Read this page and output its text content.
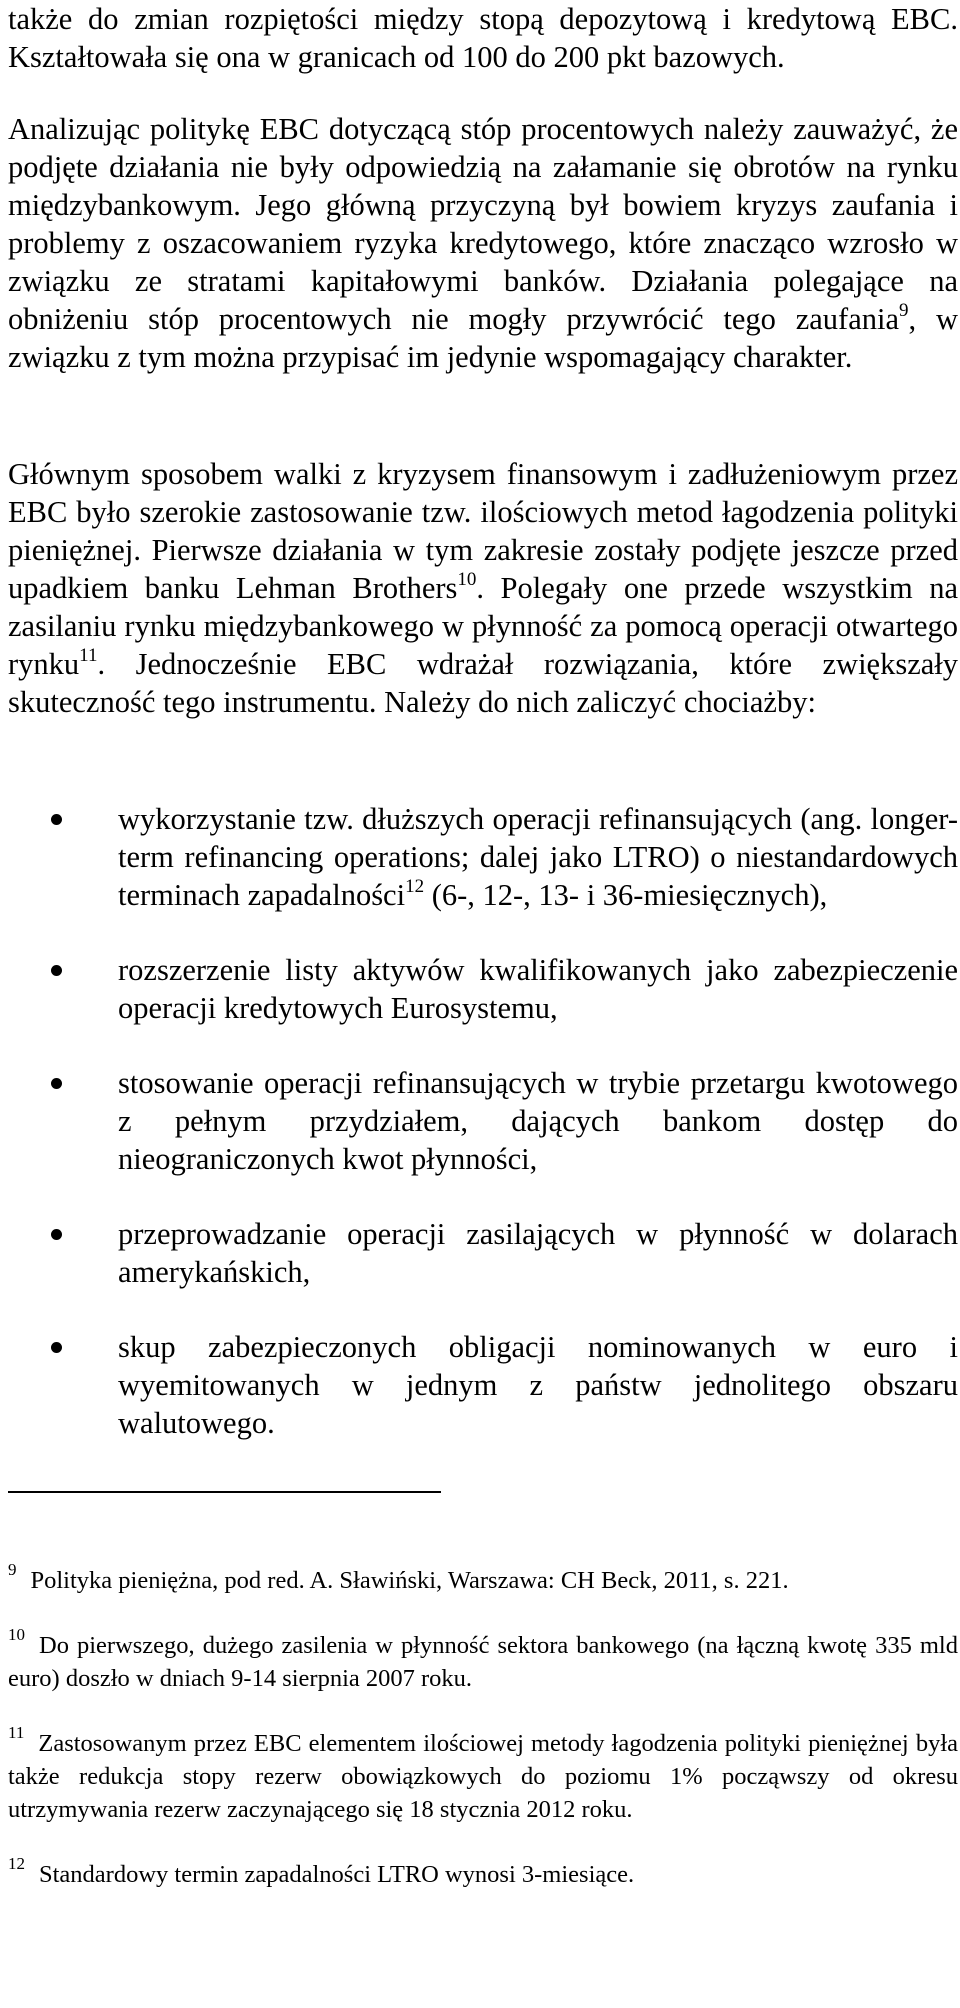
także do zmian rozpiętości między stopą depozytową i kredytową EBC. Kształtowała się ona w granicach od 100 do 200 pkt bazowych.

Analizując politykę EBC dotyczącą stóp procentowych należy zauważyć, że podjęte działania nie były odpowiedzią na załamanie się obrotów na rynku międzybankowym. Jego główną przyczyną był bowiem kryzys zaufania i problemy z oszacowaniem ryzyka kredytowego, które znacząco wzrosło w związku ze stratami kapitałowymi banków. Działania polegające na obniżeniu stóp procentowych nie mogły przywrócić tego zaufania$^9$, w związku z tym można przypisać im jedynie wspomagający charakter.

Głównym sposobem walki z kryzysem finansowym i zadłużeniowym przez EBC było szerokie zastosowanie tzw. ilościowych metod łagodzenia polityki pieniężnej. Pierwsze działania w tym zakresie zostały podjęte jeszcze przed upadkiem banku Lehman Brothers$^{10}$. Polegały one przede wszystkim na zasilaniu rynku międzybankowego w płynność za pomocą operacji otwartego rynku$^{11}$. Jednocześnie EBC wdrażał rozwiązania, które zwiększały skuteczność tego instrumentu. Należy do nich zaliczyć chociażby:

wykorzystanie tzw. dłuższych operacji refinansujących (ang. longer-term refinancing operations; dalej jako LTRO) o niestandardowych terminach zapadalności$^{12}$ (6-, 12-, 13- i 36-miesięcznych),
rozszerzenie listy aktywów kwalifikowanych jako zabezpieczenie operacji kredytowych Eurosystemu,
stosowanie operacji refinansujących w trybie przetargu kwotowego z pełnym przydziałem, dających bankom dostęp do nieograniczonych kwot płynności,
przeprowadzanie operacji zasilających w płynność w dolarach amerykańskich,
skup zabezpieczonych obligacji nominowanych w euro i wyemitowanych w jednym z państw jednolitego obszaru walutowego.

$^9$ Polityka pieniężna, pod red. A. Sławiński, Warszawa: CH Beck, 2011, s. 221.

$^{10}$ Do pierwszego, dużego zasilenia w płynność sektora bankowego (na łączną kwotę 335 mld euro) doszło w dniach 9-14 sierpnia 2007 roku.

$^{11}$ Zastosowanym przez EBC elementem ilościowej metody łagodzenia polityki pieniężnej była także redukcja stopy rezerw obowiązkowych do poziomu 1% począwszy od okresu utrzymywania rezerw zaczynającego się 18 stycznia 2012 roku.

$^{12}$ Standardowy termin zapadalności LTRO wynosi 3-miesiące.
